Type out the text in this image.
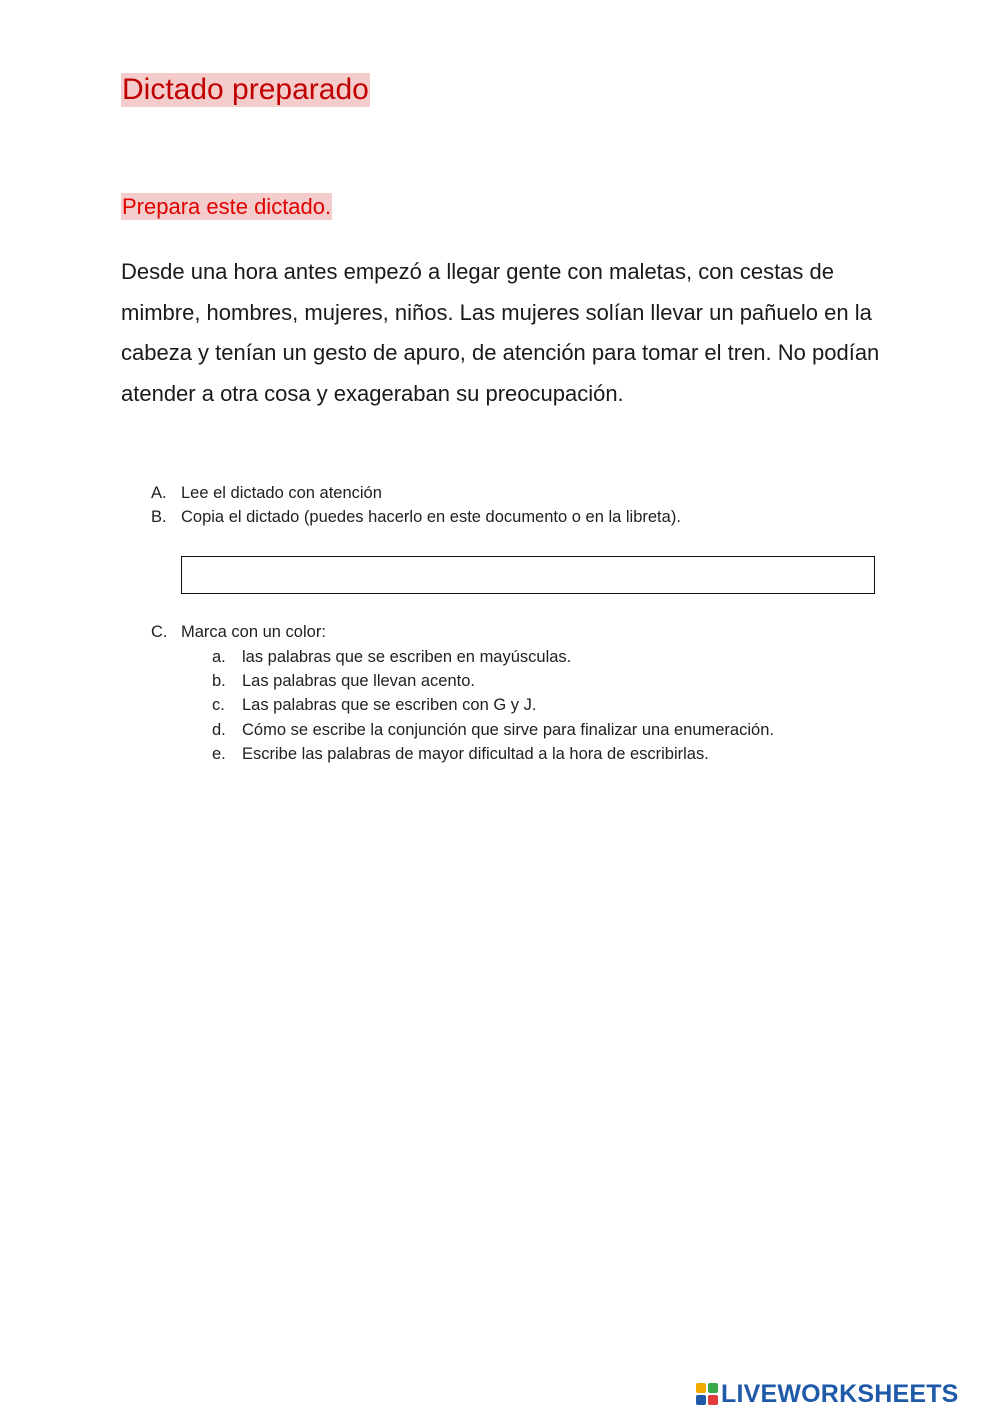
Dictado preparado
Prepara este dictado.

Desde una hora antes empezó a llegar gente con maletas, con cestas de mimbre, hombres, mujeres, niños. Las mujeres solían llevar un pañuelo en la cabeza y tenían un gesto de apuro, de atención para tomar el tren. No podían atender a otra cosa y exageraban su preocupación.

A. Lee el dictado con atención
B. Copia el dictado (puedes hacerlo en este documento o en la libreta).
C. Marca con un color:
a. las palabras que se escriben en mayúsculas.
b. Las palabras que llevan acento.
c.	Las palabras que se escriben con G y J.
d. Cómo se escribe la conjunción que sirve para finalizar una enumeración.
e. Escribe las palabras de mayor dificultad a la hora de escribirlas.
LIVEWORKSHEETS
